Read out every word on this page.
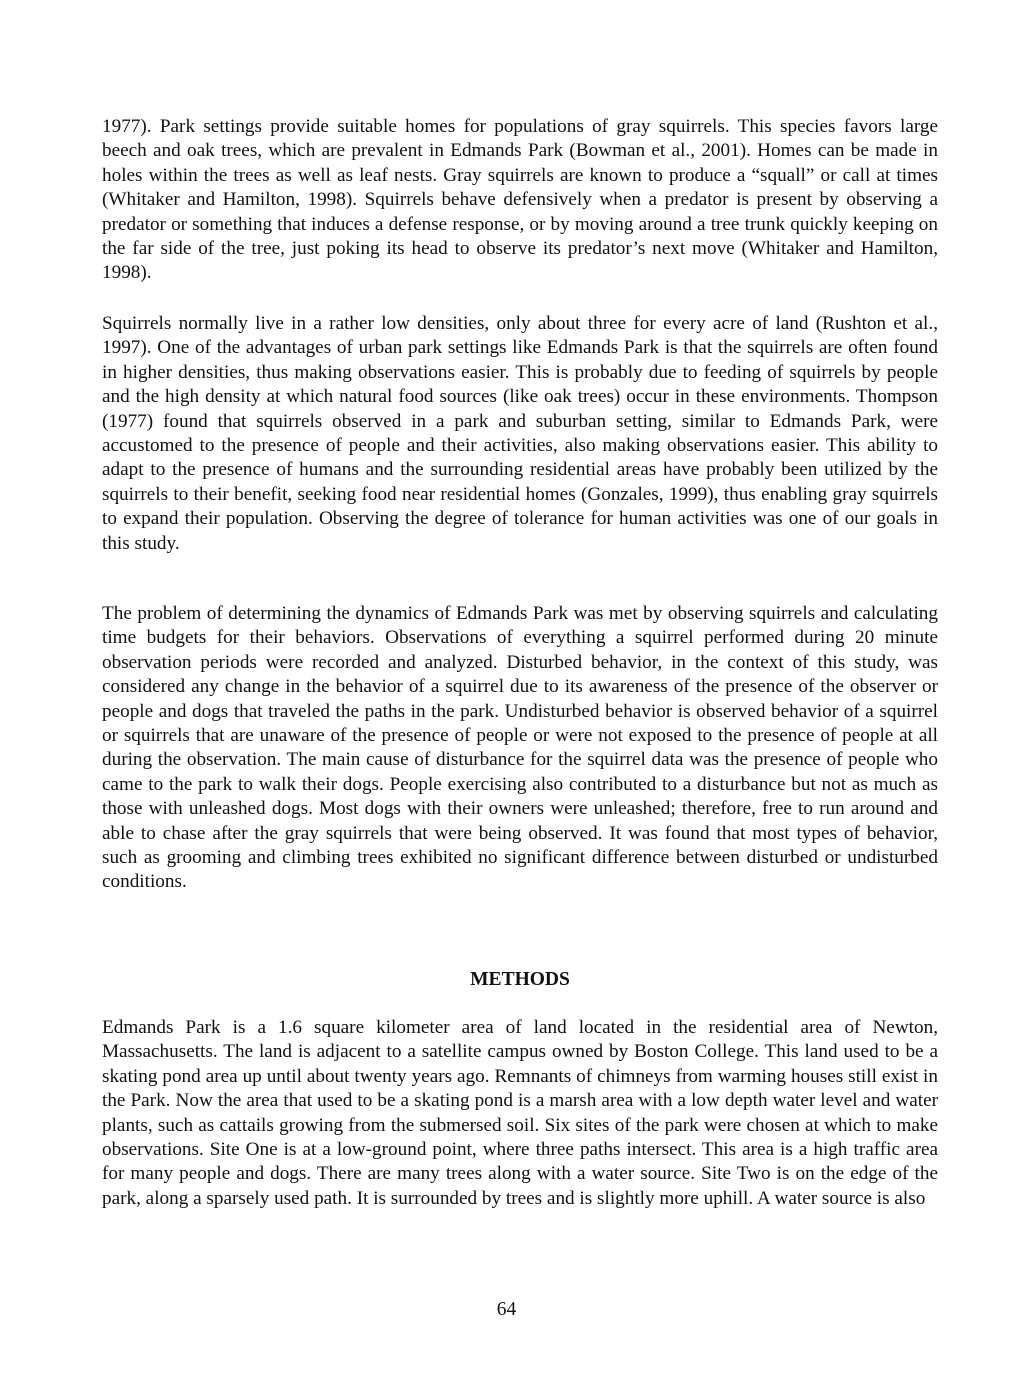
1977). Park settings provide suitable homes for populations of gray squirrels. This species favors large beech and oak trees, which are prevalent in Edmands Park (Bowman et al., 2001). Homes can be made in holes within the trees as well as leaf nests. Gray squirrels are known to produce a “squall” or call at times (Whitaker and Hamilton, 1998). Squirrels behave defensively when a predator is present by observing a predator or something that induces a defense response, or by moving around a tree trunk quickly keeping on the far side of the tree, just poking its head to observe its predator’s next move (Whitaker and Hamilton, 1998).

Squirrels normally live in a rather low densities, only about three for every acre of land (Rushton et al., 1997). One of the advantages of urban park settings like Edmands Park is that the squirrels are often found in higher densities, thus making observations easier. This is probably due to feeding of squirrels by people and the high density at which natural food sources (like oak trees) occur in these environments. Thompson (1977) found that squirrels observed in a park and suburban setting, similar to Edmands Park, were accustomed to the presence of people and their activities, also making observations easier. This ability to adapt to the presence of humans and the surrounding residential areas have probably been utilized by the squirrels to their benefit, seeking food near residential homes (Gonzales, 1999), thus enabling gray squirrels to expand their population. Observing the degree of tolerance for human activities was one of our goals in this study.

The problem of determining the dynamics of Edmands Park was met by observing squirrels and calculating time budgets for their behaviors. Observations of everything a squirrel performed during 20 minute observation periods were recorded and analyzed. Disturbed behavior, in the context of this study, was considered any change in the behavior of a squirrel due to its awareness of the presence of the observer or people and dogs that traveled the paths in the park. Undisturbed behavior is observed behavior of a squirrel or squirrels that are unaware of the presence of people or were not exposed to the presence of people at all during the observation. The main cause of disturbance for the squirrel data was the presence of people who came to the park to walk their dogs. People exercising also contributed to a disturbance but not as much as those with unleashed dogs. Most dogs with their owners were unleashed; therefore, free to run around and able to chase after the gray squirrels that were being observed. It was found that most types of behavior, such as grooming and climbing trees exhibited no significant difference between disturbed or undisturbed conditions.

METHODS

Edmands Park is a 1.6 square kilometer area of land located in the residential area of Newton, Massachusetts. The land is adjacent to a satellite campus owned by Boston College. This land used to be a skating pond area up until about twenty years ago. Remnants of chimneys from warming houses still exist in the Park. Now the area that used to be a skating pond is a marsh area with a low depth water level and water plants, such as cattails growing from the submersed soil. Six sites of the park were chosen at which to make observations. Site One is at a low-ground point, where three paths intersect. This area is a high traffic area for many people and dogs. There are many trees along with a water source. Site Two is on the edge of the park, along a sparsely used path. It is surrounded by trees and is slightly more uphill. A water source is also

64
